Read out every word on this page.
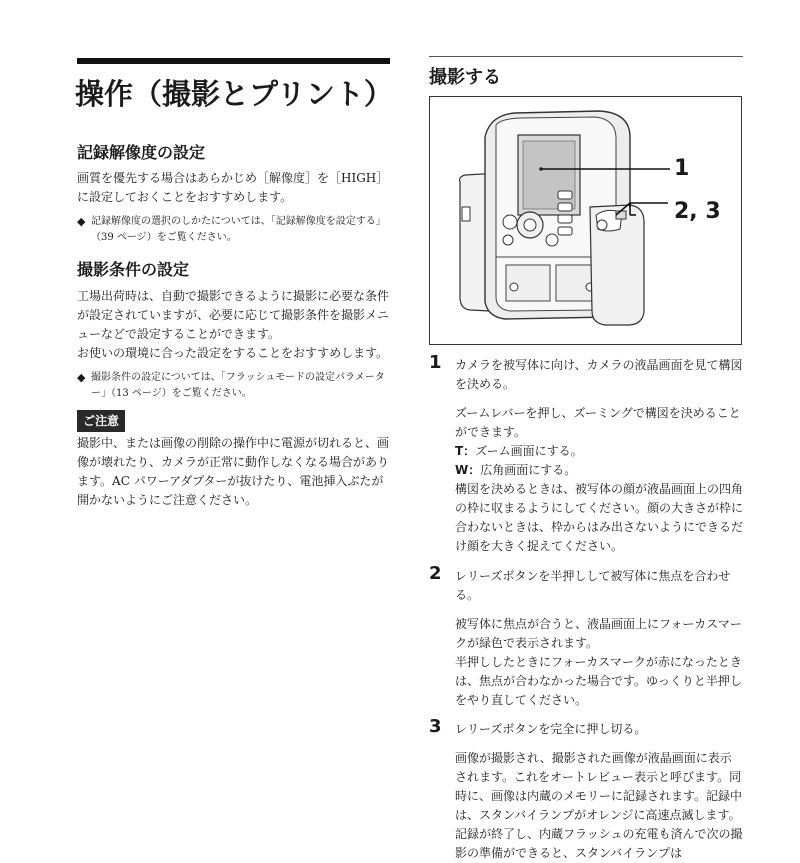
操作（撮影とプリント）
記録解像度の設定

画質を優先する場合はあらかじめ［解像度］を［HIGH］に設定しておくことをおすすめします。

◆ 記録解像度の選択のしかたについては、「記録解像度を設定する」（39 ページ）をご覧ください。

撮影条件の設定

工場出荷時は、自動で撮影できるように撮影に必要な条件が設定されていますが、必要に応じて撮影条件を撮影メニューなどで設定することができます。

お使いの環境に合った設定をすることをおすすめします。

◆ 撮影条件の設定については、「フラッシュモードの設定パラメーター」（13 ページ）をご覧ください。

ご注意

撮影中、または画像の削除の操作中に電源が切れると、画像が壊れたり、カメラが正常に動作しなくなる場合があります。AC パワーアダプターが抜けたり、電池挿入ぶたが開かないようにご注意ください。

撮影する
1
2, 3
1 カメラを被写体に向け、カメラの液晶画面を見て構図を決める。
ズームレバーを押し、ズーミングで構図を決めることができます。
T：ズーム画面にする。
W：広角画面にする。
構図を決めるときは、被写体の顔が液晶画面上の四角の枠に収まるようにしてください。顔の大きさが枠に合わないときは、枠からはみ出さないようにできるだけ顔を大きく捉えてください。
2 レリーズボタンを半押しして被写体に焦点を合わせる。
被写体に焦点が合うと、液晶画面上にフォーカスマークが緑色で表示されます。
半押ししたときにフォーカスマークが赤になったときは、焦点が合わなかった場合です。ゆっくりと半押しをやり直してください。
3 レリーズボタンを完全に押し切る。
画像が撮影され、撮影された画像が液晶画面に表示されます。これをオートレビュー表示と呼びます。同時に、画像は内蔵のメモリーに記録されます。記録中は、スタンバイランプがオレンジに高速点滅します。記録が終了し、内蔵フラッシュの充電も済んで次の撮影の準備ができると、スタンバイランプは
